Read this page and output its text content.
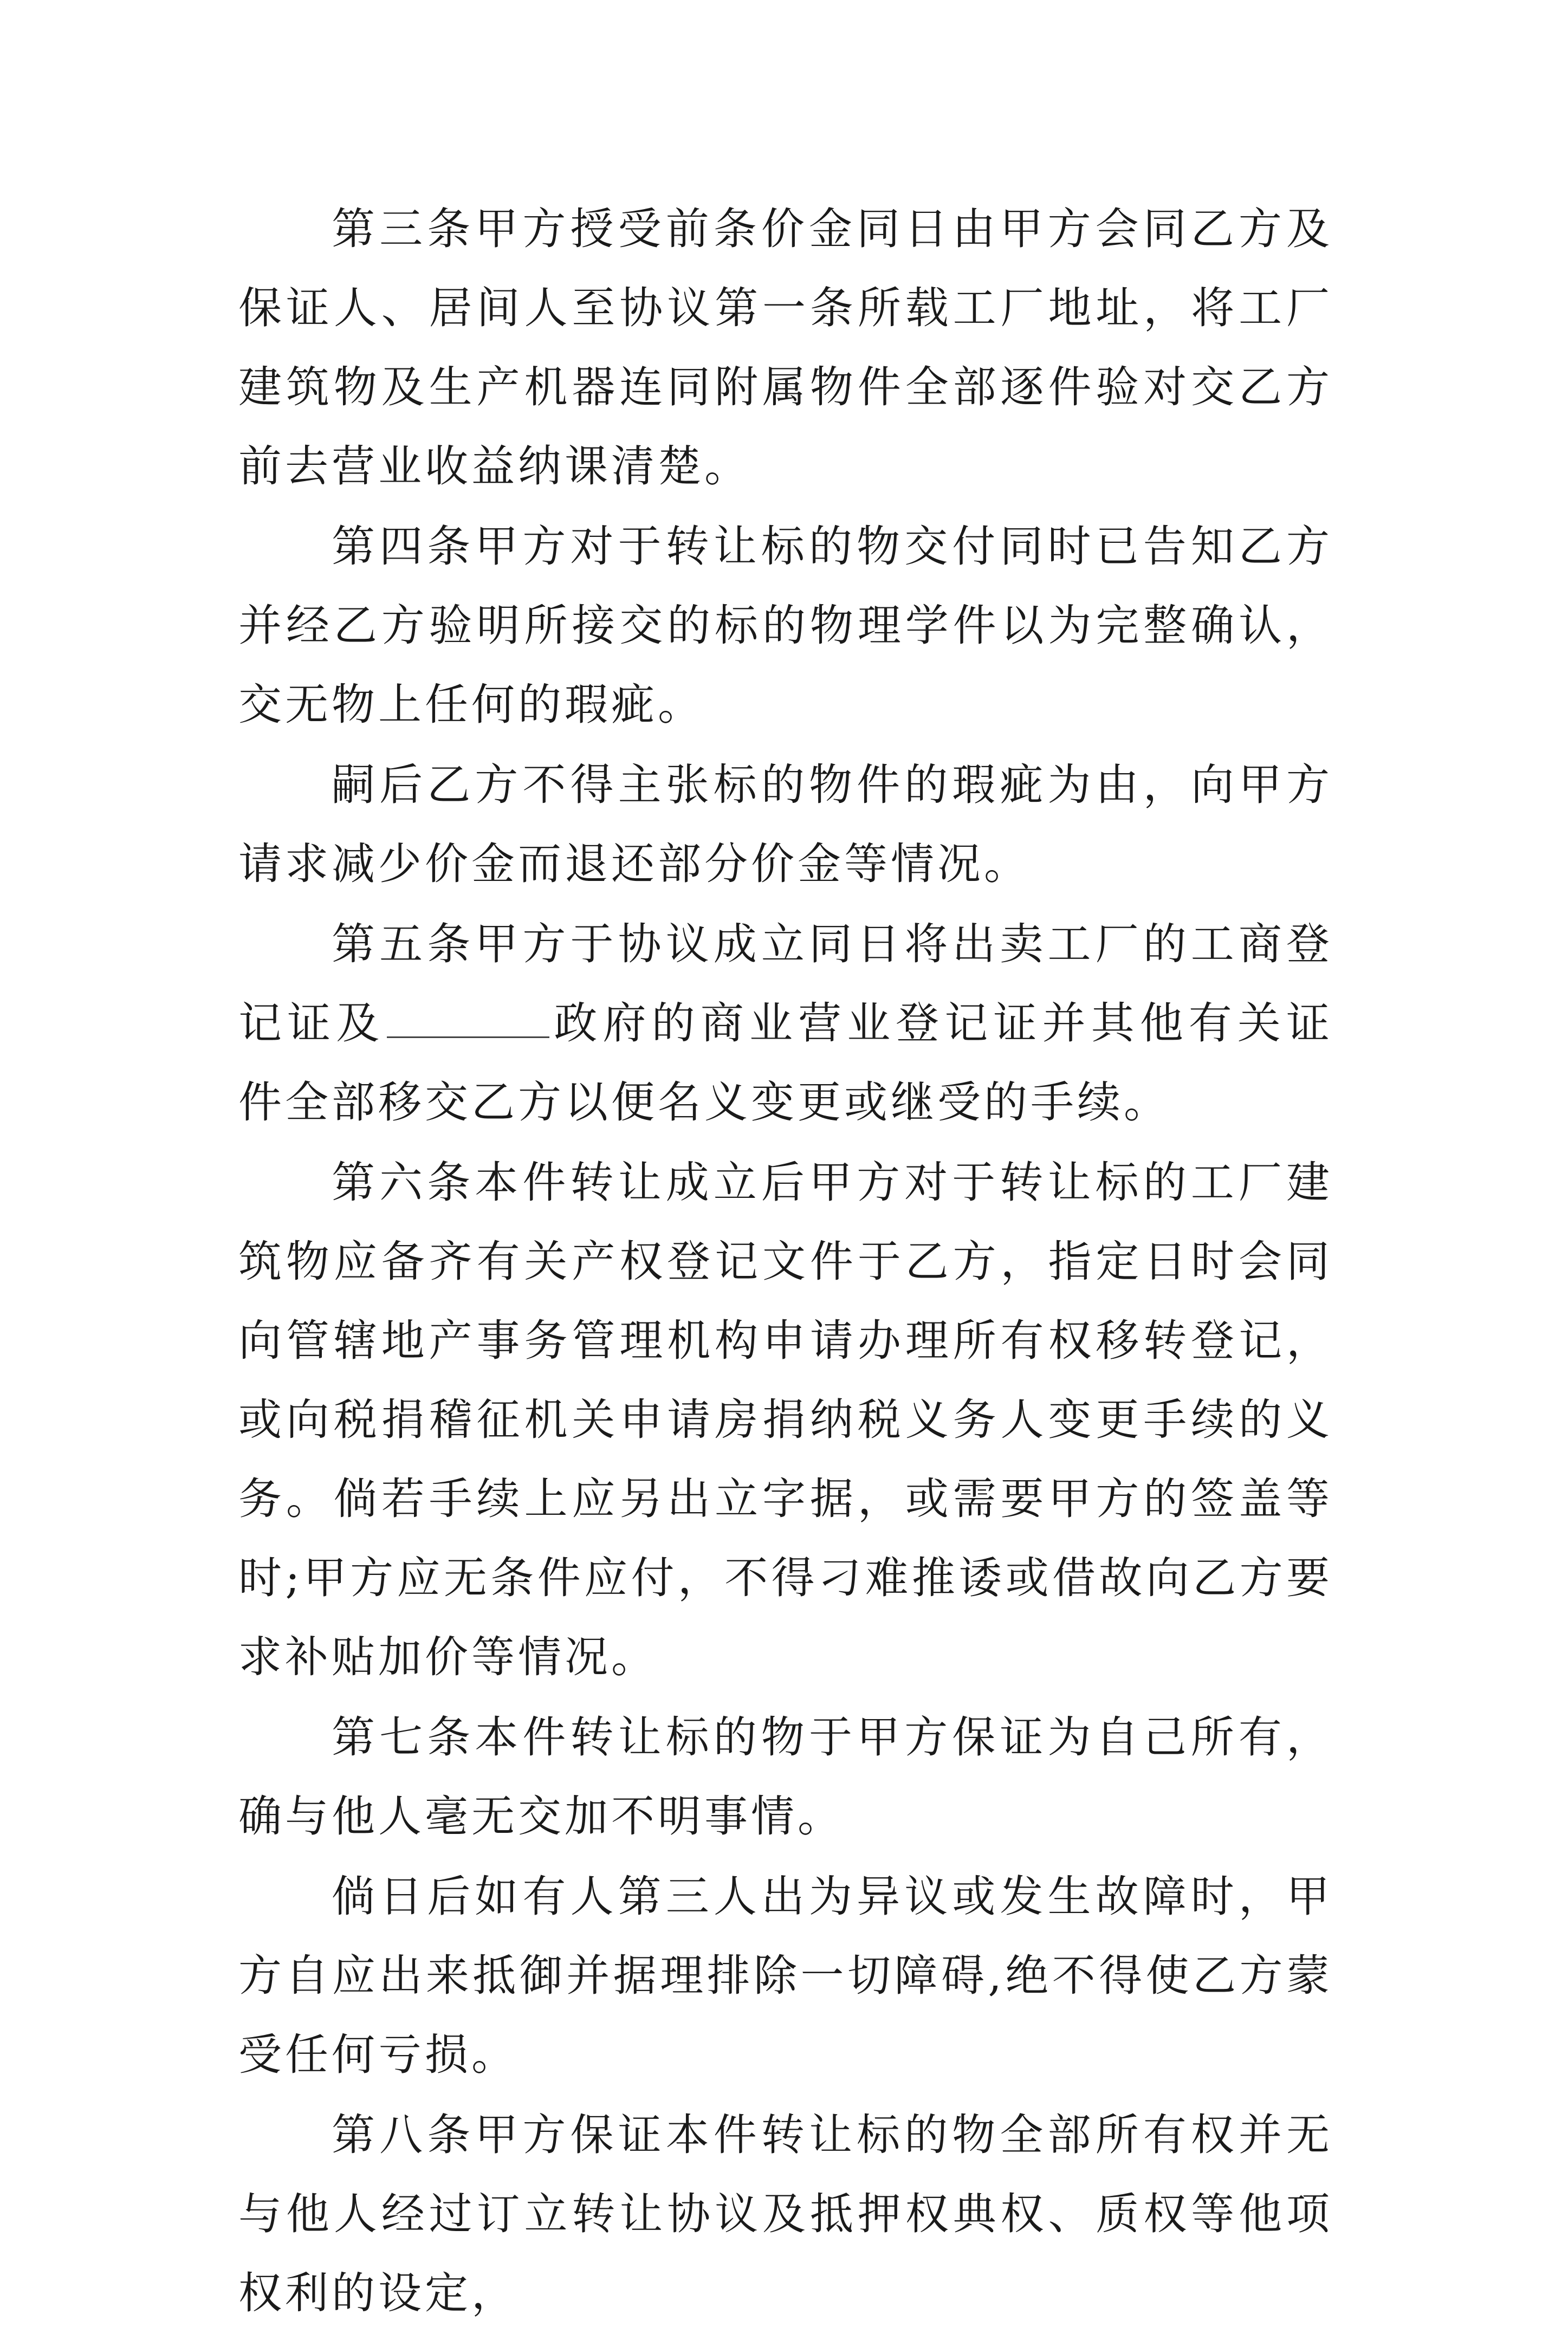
第三条甲方授受前条价金同日由甲方会同乙方及保证人、居间人至协议第一条所载工厂地址，将工厂建筑物及生产机器连同附属物件全部逐件验对交乙方前去营业收益纳课清楚。

第四条甲方对于转让标的物交付同时已告知乙方并经乙方验明所接交的标的物理学件以为完整确认，交无物上任何的瑕疵。

嗣后乙方不得主张标的物件的瑕疵为由，向甲方请求减少价金而退还部分价金等情况。

第五条甲方于协议成立同日将出卖工厂的工商登记证及	政府的商业营业登记证并其他有关证件全部移交乙方以便名义变更或继受的手续。

第六条本件转让成立后甲方对于转让标的工厂建筑物应备齐有关产权登记文件于乙方，指定日时会同向管辖地产事务管理机构申请办理所有权移转登记，或向税捐稽征机关申请房捐纳税义务人变更手续的义务。倘若手续上应另出立字据，或需要甲方的签盖等时;甲方应无条件应付，不得刁难推诿或借故向乙方要求补贴加价等情况。

第七条本件转让标的物于甲方保证为自己所有，确与他人毫无交加不明事情。

倘日后如有人第三人出为异议或发生故障时，甲方自应出来抵御并据理排除一切障碍,绝不得使乙方蒙受任何亏损。

第八条甲方保证本件转让标的物全部所有权并无与他人经过订立转让协议及抵押权典权、质权等他项权利的设定，
